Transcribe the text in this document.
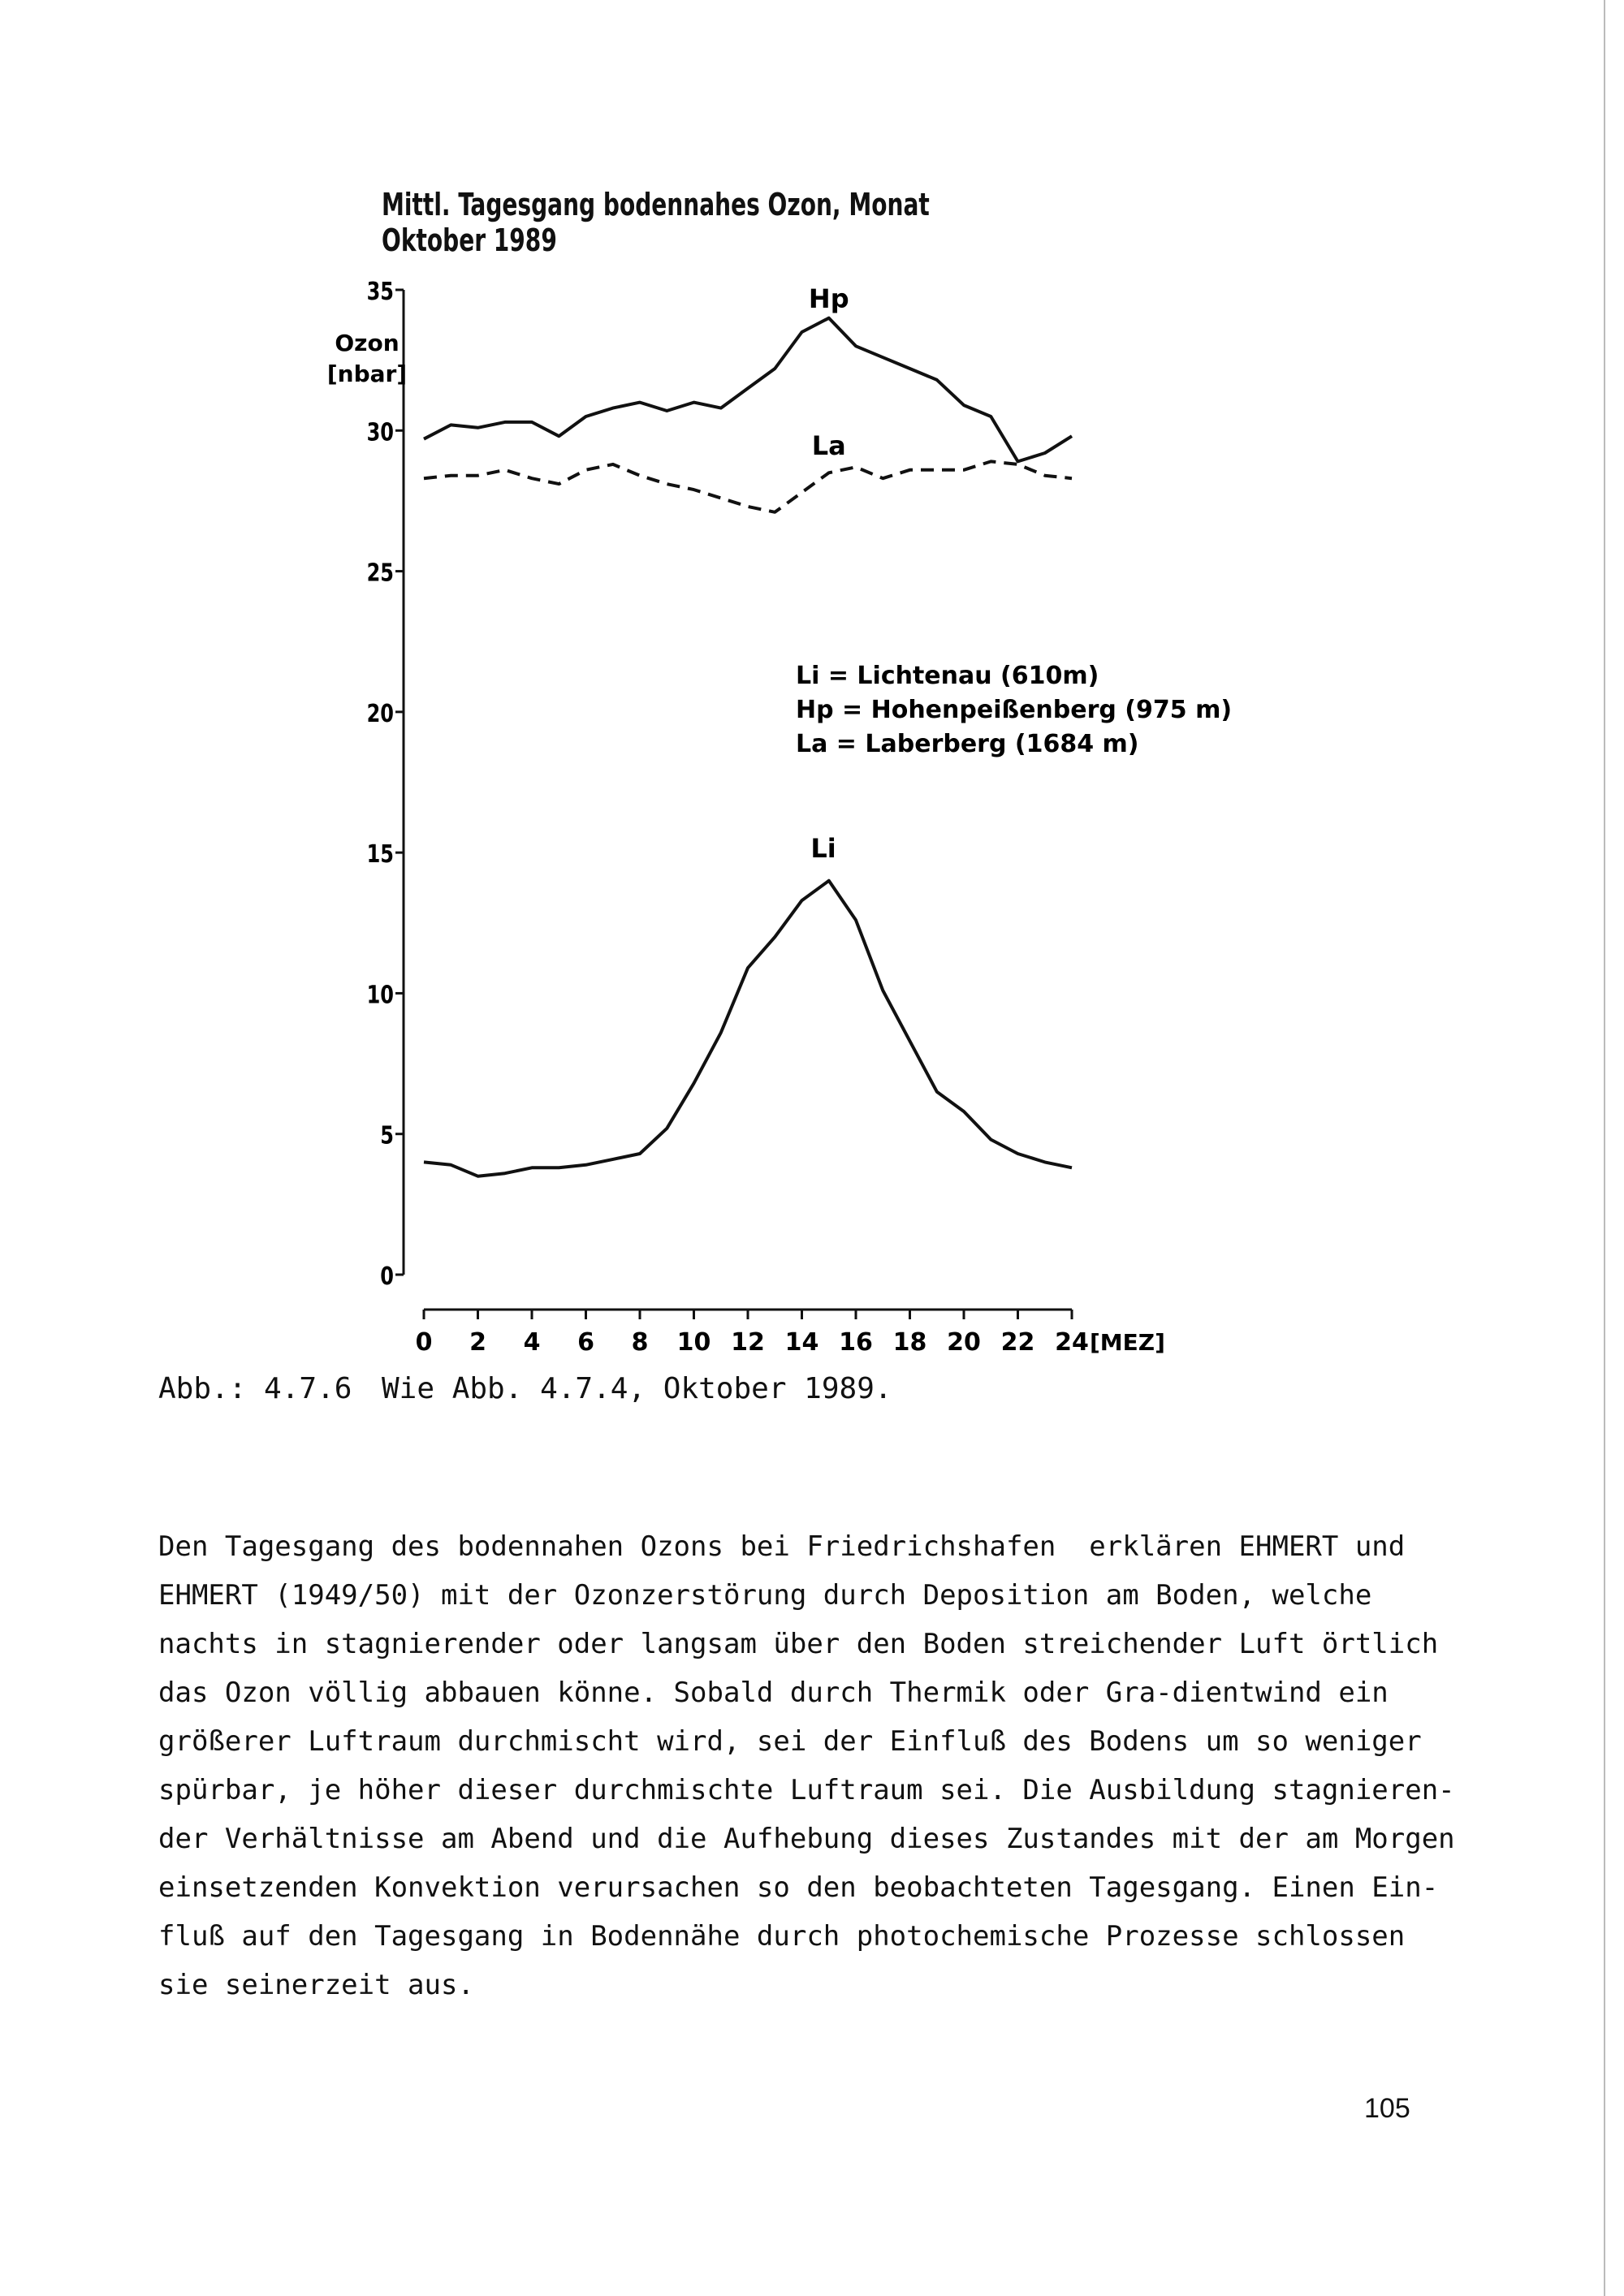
Mittl. Tagesgang bodennahes Ozon, Monat Oktober 1989
0
5
10
15
20
25
30
35
Ozon
[nbar]
0 2 4 6 8 10 12 14 16 18 20 22 24 [MEZ]
Hp
La
Li
Li = Lichtenau (610m)
Hp = Hohenpeißenberg (975 m)
La = Laberberg (1684 m)
Abb.: 4.7.6 Wie Abb. 4.7.4, Oktober 1989.
Den Tagesgang des bodennahen Ozons bei Friedrichshafen  erklären EHMERT und
EHMERT (1949/50) mit der Ozonzerstörung durch Deposition am Boden, welche
nachts in stagnierender oder langsam über den Boden streichender Luft örtlich
das Ozon völlig abbauen könne. Sobald durch Thermik oder Gra-dientwind ein
größerer Luftraum durchmischt wird, sei der Einfluß des Bodens um so weniger
spürbar, je höher dieser durchmischte Luftraum sei. Die Ausbildung stagnieren-
der Verhältnisse am Abend und die Aufhebung dieses Zustandes mit der am Morgen
einsetzenden Konvektion verursachen so den beobachteten Tagesgang. Einen Ein-
fluß auf den Tagesgang in Bodennähe durch photochemische Prozesse schlossen
sie seinerzeit aus.
105
